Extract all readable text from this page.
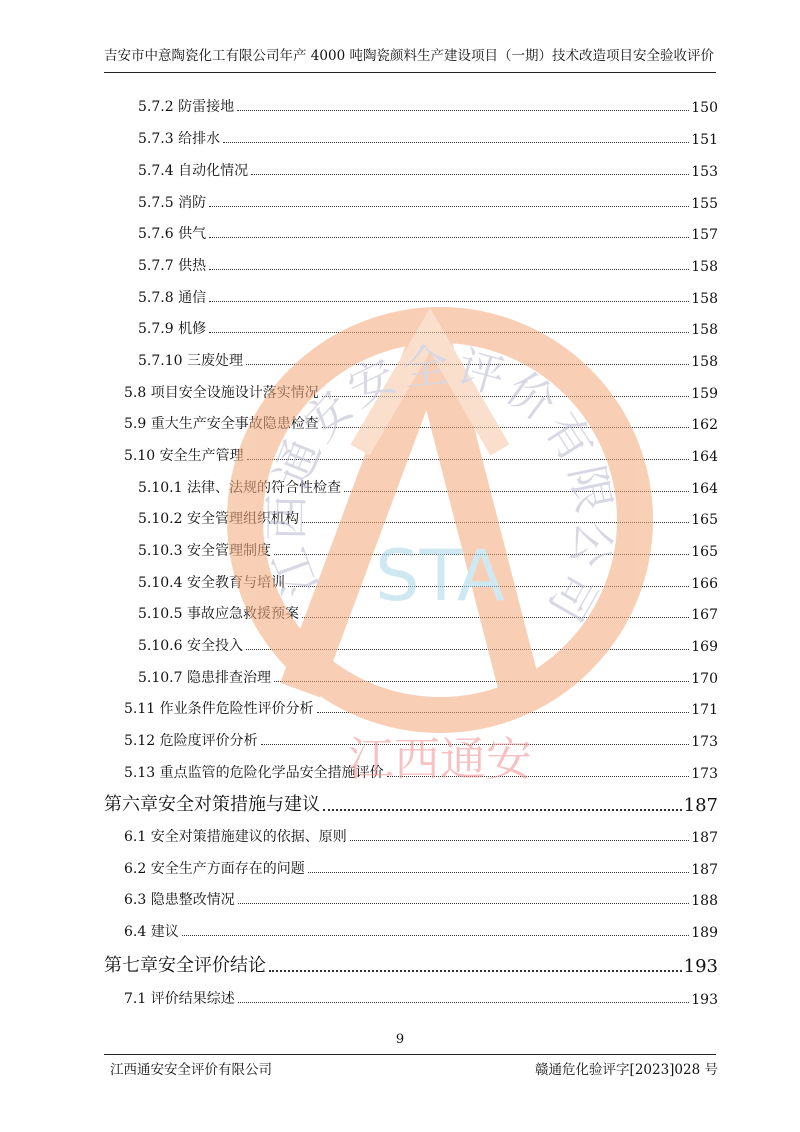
吉安市中意陶瓷化工有限公司年产 4000 吨陶瓷颜料生产建设项目（一期）技术改造项目安全验收评价
5.7.2 防雷接地	150
5.7.3 给排水	151
5.7.4 自动化情况	153
5.7.5 消防	155
5.7.6 供气	157
5.7.7 供热	158
5.7.8 通信	158
5.7.9 机修	158
5.7.10 三废处理	158
5.8 项目安全设施设计落实情况	159
5.9 重大生产安全事故隐患检查	162
5.10 安全生产管理	164
5.10.1 法律、法规的符合性检查	164
5.10.2 安全管理组织机构	165
5.10.3 安全管理制度	165
5.10.4 安全教育与培训	166
5.10.5 事故应急救援预案	167
5.10.6 安全投入	169
5.10.7 隐患排查治理	170
5.11 作业条件危险性评价分析	171
5.12 危险度评价分析	173
5.13 重点监管的危险化学品安全措施评价	173
第六章安全对策措施与建议	187
6.1 安全对策措施建议的依据、原则	187
6.2 安全生产方面存在的问题	187
6.3 隐患整改情况	188
6.4 建议	189
第七章安全评价结论	193
7.1 评价结果综述	193
江
西
通
安
安
全 评
价
有
限
公
司
STA
江西通安
9
江西通安安全评价有限公司	赣通危化验评字[2023]028 号
